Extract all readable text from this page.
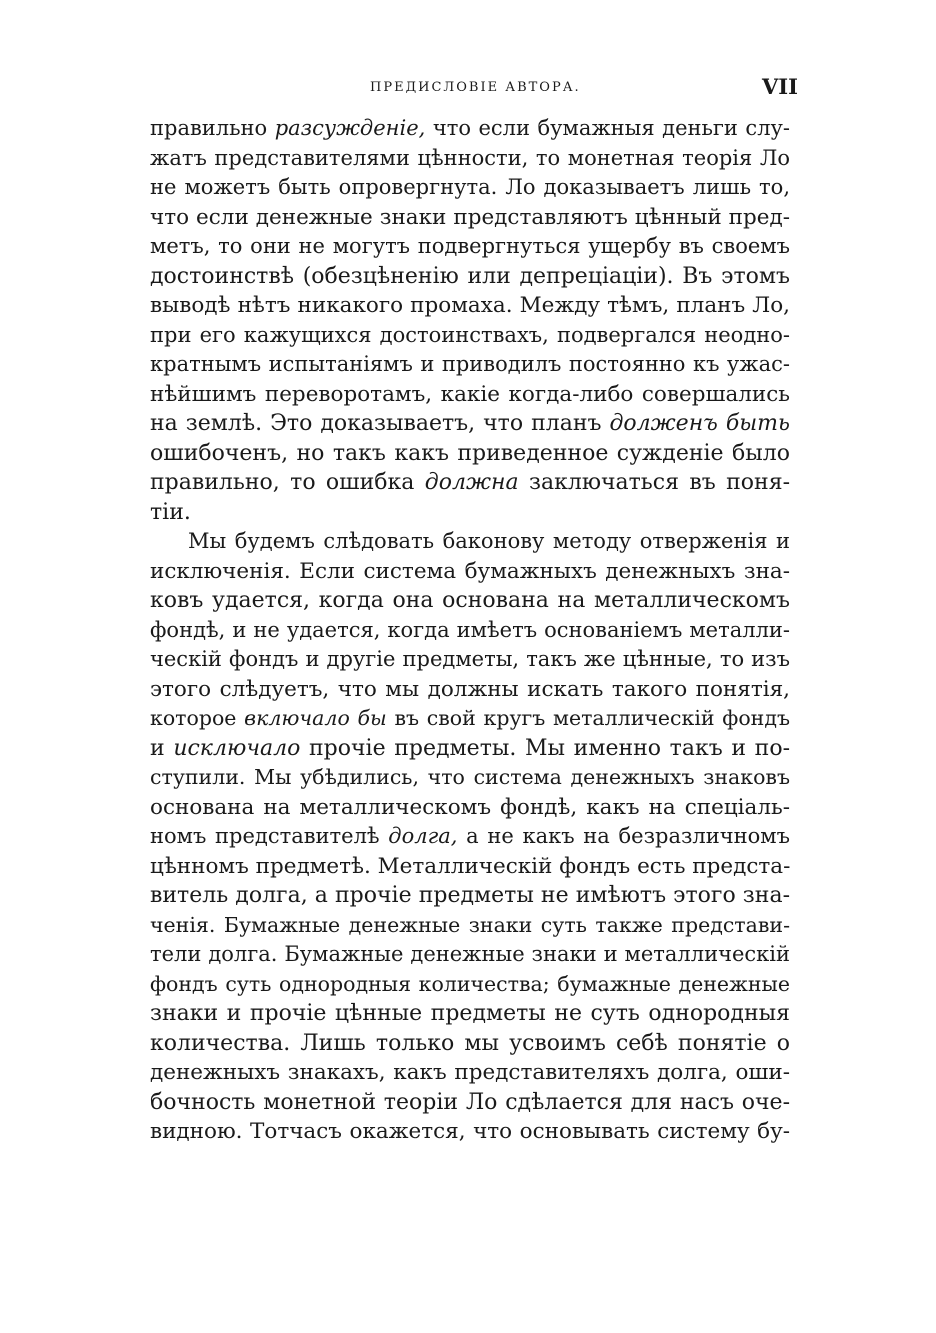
ПРЕДИСЛОВІЕ АВТОРА.	VII
правильно разсужденіе, что если бумажныя деньги слу-
жатъ представителями цѣнности, то монетная теорія Ло
не можетъ быть опровергнута. Ло доказываетъ лишь то,
что если денежные знаки представляютъ цѣнный пред-
метъ, то они не могутъ подвергнуться ущербу въ своемъ
достоинствѣ (обезцѣненію или депреціаціи). Въ этомъ
выводѣ нѣтъ никакого промаха. Между тѣмъ, планъ Ло,
при его кажущихся достоинствахъ, подвергался неодно-
кратнымъ испытаніямъ и приводилъ постоянно къ ужас-
нѣйшимъ переворотамъ, какіе когда-либо совершались
на землѣ. Это доказываетъ, что планъ долженъ быть
ошибоченъ, но такъ какъ приведенное сужденіе было
правильно, то ошибка должна заключаться въ поня-
тіи.
Мы будемъ слѣдовать баконову методу отверженія и
исключенія. Если система бумажныхъ денежныхъ зна-
ковъ удается, когда она основана на металлическомъ
фондѣ, и не удается, когда имѣетъ основаніемъ металли-
ческій фондъ и другіе предметы, такъ же цѣнные, то изъ
этого слѣдуетъ, что мы должны искать такого понятія,
которое включало бы въ свой кругъ металлическій фондъ
и исключало прочіе предметы. Мы именно такъ и по-
ступили. Мы убѣдились, что система денежныхъ знаковъ
основана на металлическомъ фондѣ, какъ на спеціаль-
номъ представителѣ долга, а не какъ на безразличномъ
цѣнномъ предметѣ. Металлическій фондъ есть предста-
витель долга, а прочіе предметы не имѣютъ этого зна-
ченія. Бумажные денежные знаки суть также представи-
тели долга. Бумажные денежные знаки и металлическій
фондъ суть однородныя количества; бумажные денежные
знаки и прочіе цѣнные предметы не суть однородныя
количества. Лишь только мы усвоимъ себѣ понятіе о
денежныхъ знакахъ, какъ представителяхъ долга, оши-
бочность монетной теоріи Ло сдѣлается для насъ оче-
видною. Тотчасъ окажется, что основывать систему бу-
